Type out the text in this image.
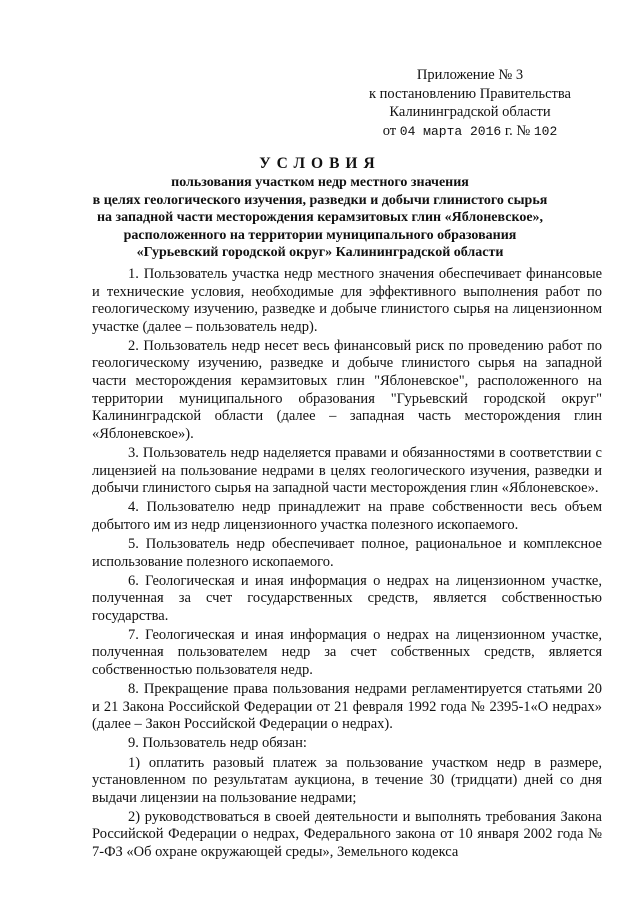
Приложение № 3
к постановлению Правительства
Калининградской области
от 04 марта 2016 г. № 102
УСЛОВИЯ
пользования участком недр местного значения
в целях геологического изучения, разведки и добычи глинистого сырья
на западной части месторождения керамзитовых глин «Яблоневское»,
расположенного на территории муниципального образования
«Гурьевский городской округ» Калининградской области

1. Пользователь участка недр местного значения обеспечивает финансовые и технические условия, необходимые для эффективного выполнения работ по геологическому изучению, разведке и добыче глинистого сырья на лицензионном участке (далее – пользователь недр).

2. Пользователь недр несет весь финансовый риск по проведению работ по геологическому изучению, разведке и добыче глинистого сырья на западной части месторождения керамзитовых глин "Яблоневское", расположенного на территории муниципального образования "Гурьевский городской округ" Калининградской области (далее – западная часть месторождения глин «Яблоневское»).

3. Пользователь недр наделяется правами и обязанностями в соответствии с лицензией на пользование недрами в целях геологического изучения, разведки и добычи глинистого сырья на западной части месторождения глин «Яблоневское».

4. Пользователю недр принадлежит на праве собственности весь объем добытого им из недр лицензионного участка полезного ископаемого.

5. Пользователь недр обеспечивает полное, рациональное и комплексное использование полезного ископаемого.

6. Геологическая и иная информация о недрах на лицензионном участке, полученная за счет государственных средств, является собственностью государства.

7. Геологическая и иная информация о недрах на лицензионном участке, полученная пользователем недр за счет собственных средств, является собственностью пользователя недр.

8. Прекращение права пользования недрами регламентируется статьями 20 и 21 Закона Российской Федерации от 21 февраля 1992 года № 2395-1«О недрах» (далее – Закон Российской Федерации о недрах).

9. Пользователь недр обязан:

1) оплатить разовый платеж за пользование участком недр в размере, установленном по результатам аукциона, в течение 30 (тридцати) дней со дня выдачи лицензии на пользование недрами;

2) руководствоваться в своей деятельности и выполнять требования Закона Российской Федерации о недрах, Федерального закона от 10 января 2002 года № 7-ФЗ «Об охране окружающей среды», Земельного кодекса
